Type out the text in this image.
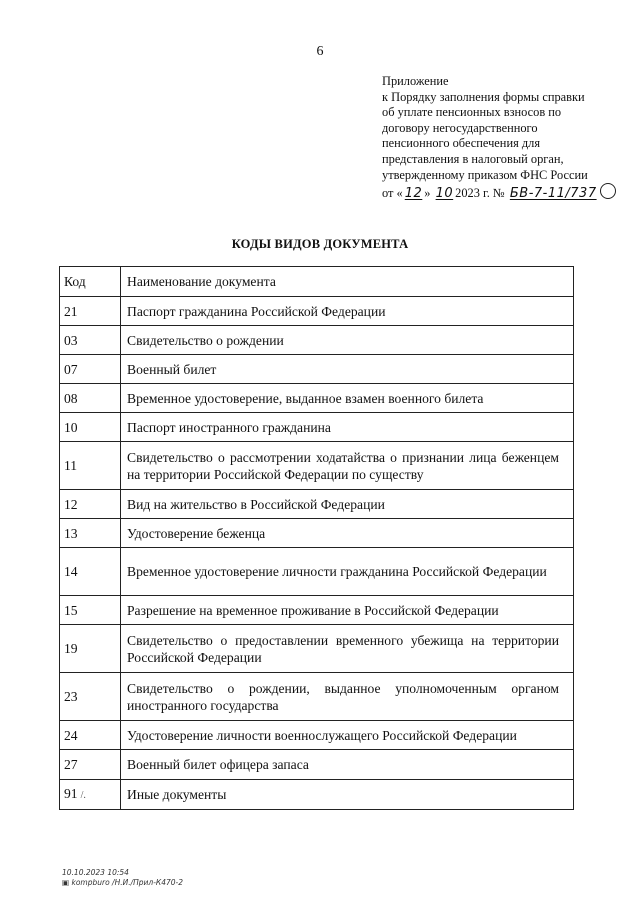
6
Приложение
к Порядку заполнения формы справки
об уплате пенсионных взносов по
договору негосударственного
пенсионного обеспечения для
представления в налоговый орган,
утвержденному приказом ФНС России
от « 12 » 10 2023 г. № БВ-7-11/737
КОДЫ ВИДОВ ДОКУМЕНТА
Код	Наименование документа
21	Паспорт гражданина Российской Федерации
03	Свидетельство о рождении
07	Военный билет
08	Временное удостоверение, выданное взамен военного билета
10	Паспорт иностранного гражданина
11	Свидетельство о рассмотрении ходатайства о признании лица беженцем на территории Российской Федерации по существу
12	Вид на жительство в Российской Федерации
13	Удостоверение беженца
14	Временное удостоверение личности гражданина Российской Федерации
15	Разрешение на временное проживание в Российской Федерации
19	Свидетельство о предоставлении временного убежища на территории Российской Федерации
23	Свидетельство о рождении, выданное уполномоченным органом иностранного государства
24	Удостоверение личности военнослужащего Российской Федерации
27	Военный билет офицера запаса
91 /.	Иные документы
10.10.2023 10:54
▣ kompburo /Н.И./Прил-К470-2
